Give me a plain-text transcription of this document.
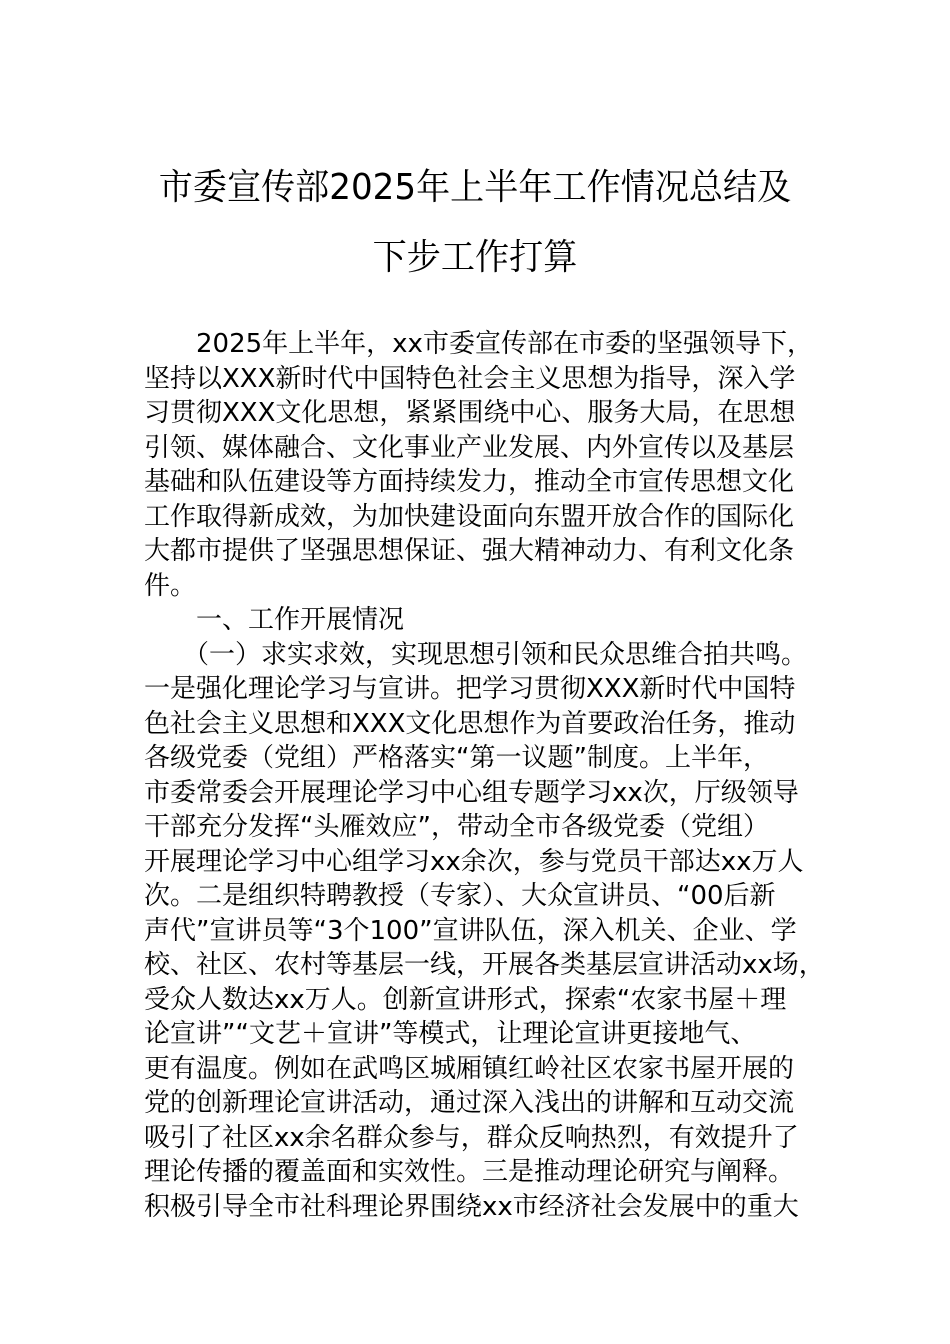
市委宣传部2025年上半年工作情况总结及
下步工作打算
　　2025年上半年，xx市委宣传部在市委的坚强领导下，
坚持以XXX新时代中国特色社会主义思想为指导，深入学
习贯彻XXX文化思想，紧紧围绕中心、服务大局，在思想
引领、媒体融合、文化事业产业发展、内外宣传以及基层
基础和队伍建设等方面持续发力，推动全市宣传思想文化
工作取得新成效，为加快建设面向东盟开放合作的国际化
大都市提供了坚强思想保证、强大精神动力、有利文化条
件。
　　一、工作开展情况
　　（一）求实求效，实现思想引领和民众思维合拍共鸣。
一是强化理论学习与宣讲。把学习贯彻XXX新时代中国特
色社会主义思想和XXX文化思想作为首要政治任务，推动
各级党委（党组）严格落实“第一议题”制度。上半年，
市委常委会开展理论学习中心组专题学习xx次，厅级领导
干部充分发挥“头雁效应”，带动全市各级党委（党组）
开展理论学习中心组学习xx余次，参与党员干部达xx万人
次。二是组织特聘教授（专家）、大众宣讲员、“00后新
声代”宣讲员等“3个100”宣讲队伍，深入机关、企业、学
校、社区、农村等基层一线，开展各类基层宣讲活动xx场，
受众人数达xx万人。创新宣讲形式，探索“农家书屋＋理
论宣讲”“文艺＋宣讲”等模式，让理论宣讲更接地气、
更有温度。例如在武鸣区城厢镇红岭社区农家书屋开展的
党的创新理论宣讲活动，通过深入浅出的讲解和互动交流
吸引了社区xx余名群众参与，群众反响热烈，有效提升了
理论传播的覆盖面和实效性。三是推动理论研究与阐释。
积极引导全市社科理论界围绕xx市经济社会发展中的重大
